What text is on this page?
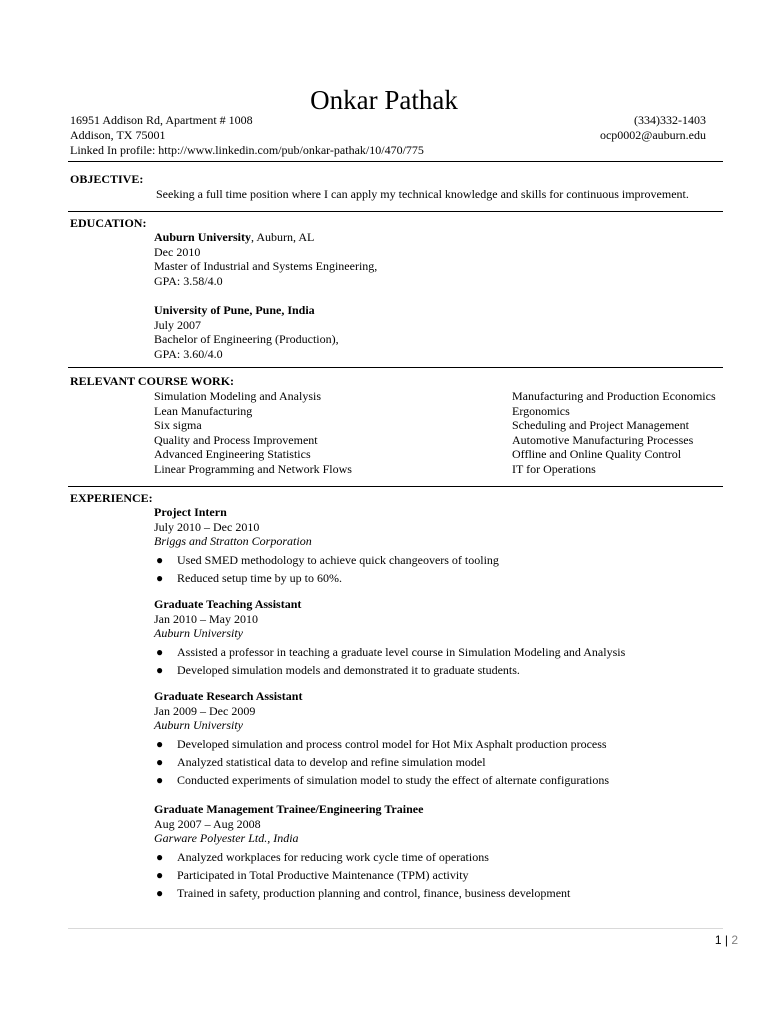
Onkar Pathak
16951 Addison Rd, Apartment # 1008
Addison, TX 75001
Linked In profile: http://www.linkedin.com/pub/onkar-pathak/10/470/775
(334)332-1403
ocp0002@auburn.edu
OBJECTIVE:
Seeking a full time position where I can apply my technical knowledge and skills for continuous improvement.
EDUCATION:
Auburn University, Auburn, AL
Dec 2010
Master of Industrial and Systems Engineering,
GPA: 3.58/4.0
University of Pune, Pune, India
July 2007
Bachelor of Engineering (Production),
GPA: 3.60/4.0
RELEVANT COURSE WORK:
Simulation Modeling and Analysis
Lean Manufacturing
Six sigma
Quality and Process Improvement
Advanced Engineering Statistics
Linear Programming and Network Flows
Manufacturing and Production Economics
Ergonomics
Scheduling and Project Management
Automotive Manufacturing Processes
Offline and Online Quality Control
IT for Operations
EXPERIENCE:
Project Intern
July 2010 – Dec 2010
Briggs and Stratton Corporation
● Used SMED methodology to achieve quick changeovers of tooling
● Reduced setup time by up to 60%.
Graduate Teaching Assistant
Jan 2010 – May 2010
Auburn University
● Assisted a professor in teaching a graduate level course in Simulation Modeling and Analysis
● Developed simulation models and demonstrated it to graduate students.
Graduate Research Assistant
Jan 2009 – Dec 2009
Auburn University
● Developed simulation and process control model for Hot Mix Asphalt production process
● Analyzed statistical data to develop and refine simulation model
● Conducted experiments of simulation model to study the effect of alternate configurations
Graduate Management Trainee/Engineering Trainee
Aug 2007 – Aug 2008
Garware Polyester Ltd., India
● Analyzed workplaces for reducing work cycle time of operations
● Participated in Total Productive Maintenance (TPM) activity
● Trained in safety, production planning and control, finance, business development
1 | 2
